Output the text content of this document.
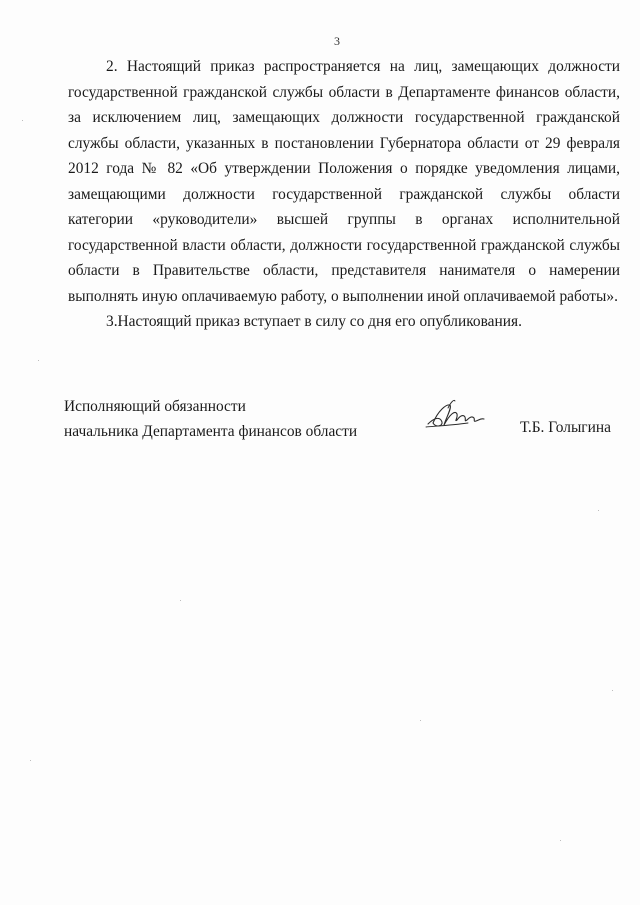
3

2. Настоящий приказ распространяется на лиц, замещающих должности государственной гражданской службы области в Департаменте финансов области, за исключением лиц, замещающих должности государственной гражданской службы области, указанных в постановлении Губернатора области от 29 февраля 2012 года № 82 «Об утверждении Положения о порядке уведомления лицами, замещающими должности государственной гражданской службы области категории «руководители» высшей группы в органах исполнительной государственной власти области, должности государственной гражданской службы области в Правительстве области, представителя нанимателя о намерении выполнять иную оплачиваемую работу, о выполнении иной оплачиваемой работы».

3.Настоящий приказ вступает в силу со дня его опубликования.

Исполняющий обязанности
начальника Департамента финансов области	Т.Б. Голыгина
